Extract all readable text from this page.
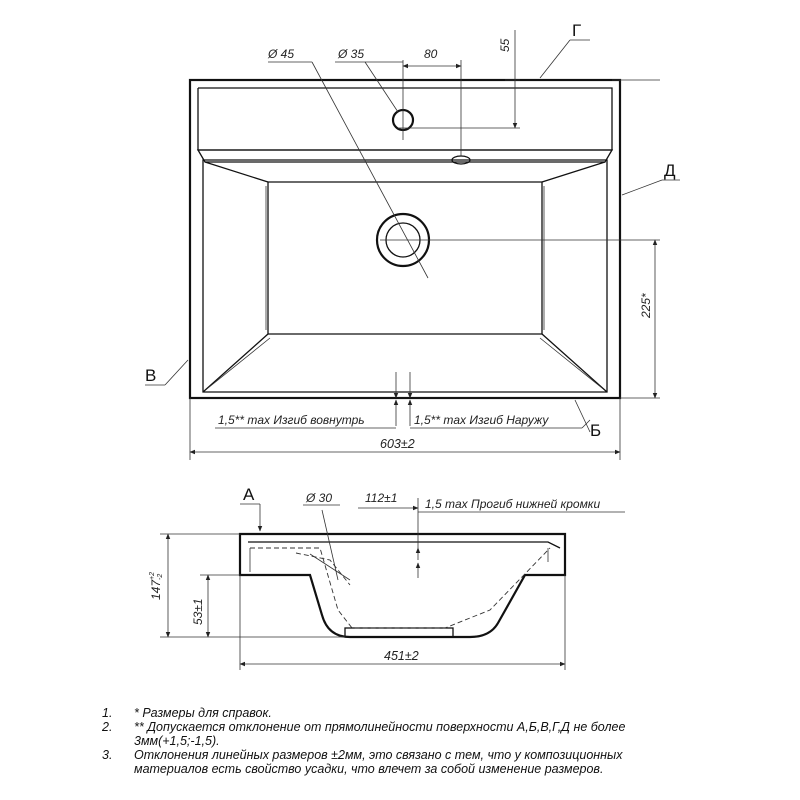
Ø 45	Ø 35	80
55
225*
603±2
1,5** max Изгиб вовнутрь	1,5** max Изгиб Наружу
Г
Д
В
Б
А	Ø 30	112±1 1,5 max Прогиб нижней кромки
147
+2 -2
53±1
451±2
1.	* Размеры для справок.
2.	** Допускается отклонение от прямолинейности поверхности А,Б,В,Г,Д не более
3мм(+1,5;-1,5).
3.	Отклонения линейных размеров ±2мм, это связано с тем, что у композиционных
материалов есть свойство усадки, что влечет за собой изменение размеров.
